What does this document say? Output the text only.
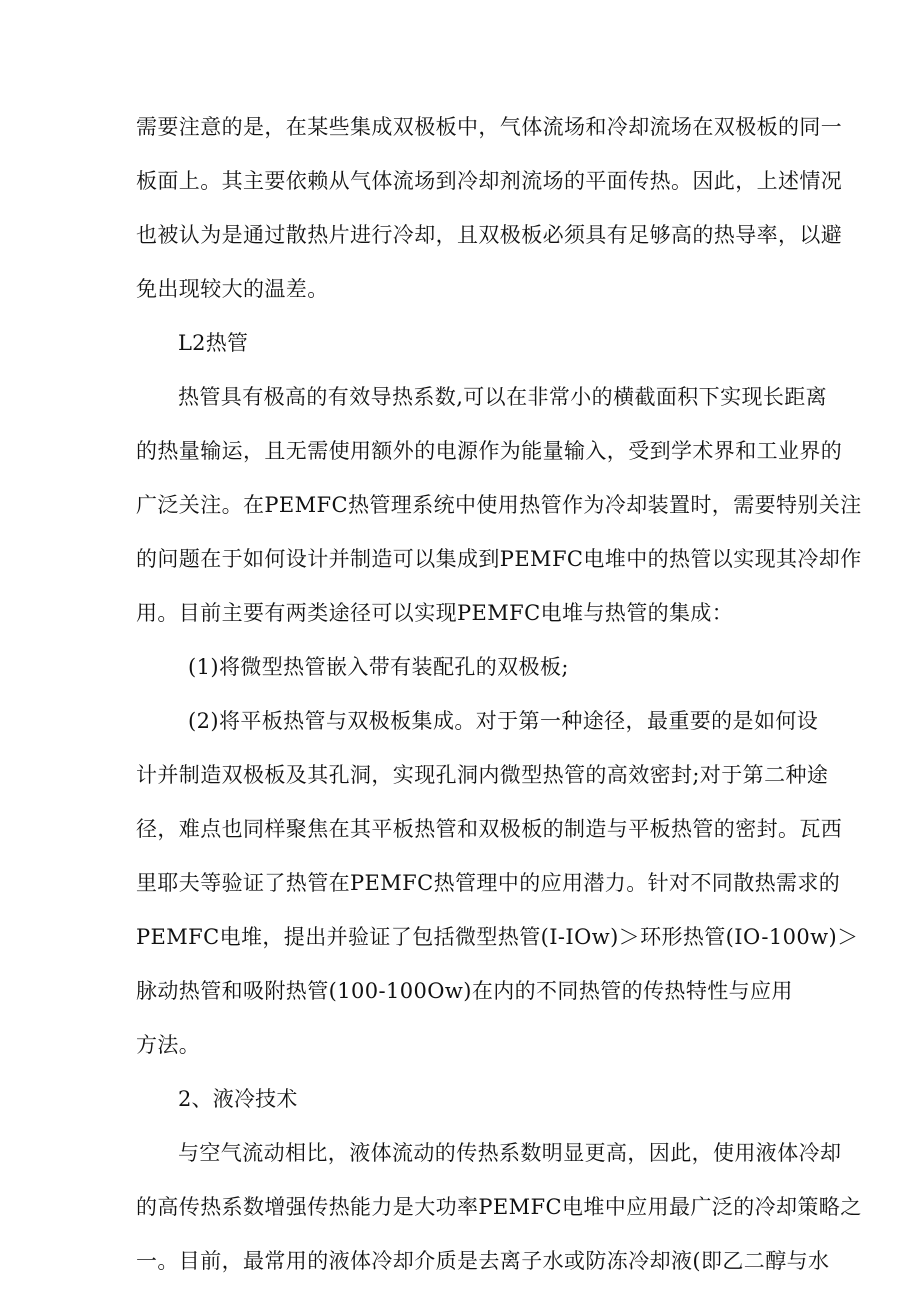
需要注意的是，在某些集成双极板中，气体流场和冷却流场在双极板的同一
板面上。其主要依赖从气体流场到冷却剂流场的平面传热。因此，上述情况
也被认为是通过散热片进行冷却，且双极板必须具有足够高的热导率，以避
免出现较大的温差。
L2热管
热管具有极高的有效导热系数,可以在非常小的横截面积下实现长距离
的热量输运，且无需使用额外的电源作为能量输入，受到学术界和工业界的
广泛关注。在PEMFC热管理系统中使用热管作为冷却装置时，需要特别关注
的问题在于如何设计并制造可以集成到PEMFC电堆中的热管以实现其冷却作
用。目前主要有两类途径可以实现PEMFC电堆与热管的集成：
(1)将微型热管嵌入带有装配孔的双极板;
(2)将平板热管与双极板集成。对于第一种途径，最重要的是如何设
计并制造双极板及其孔洞，实现孔洞内微型热管的高效密封;对于第二种途
径，难点也同样聚焦在其平板热管和双极板的制造与平板热管的密封。瓦西
里耶夫等验证了热管在PEMFC热管理中的应用潜力。针对不同散热需求的
PEMFC电堆，提出并验证了包括微型热管(I-IOw)＞环形热管(IO-100w)＞
脉动热管和吸附热管(100-100Ow)在内的不同热管的传热特性与应用
方法。
2、液冷技术
与空气流动相比，液体流动的传热系数明显更高，因此，使用液体冷却
的高传热系数增强传热能力是大功率PEMFC电堆中应用最广泛的冷却策略之
一。目前，最常用的液体冷却介质是去离子水或防冻冷却液(即乙二醇与水
